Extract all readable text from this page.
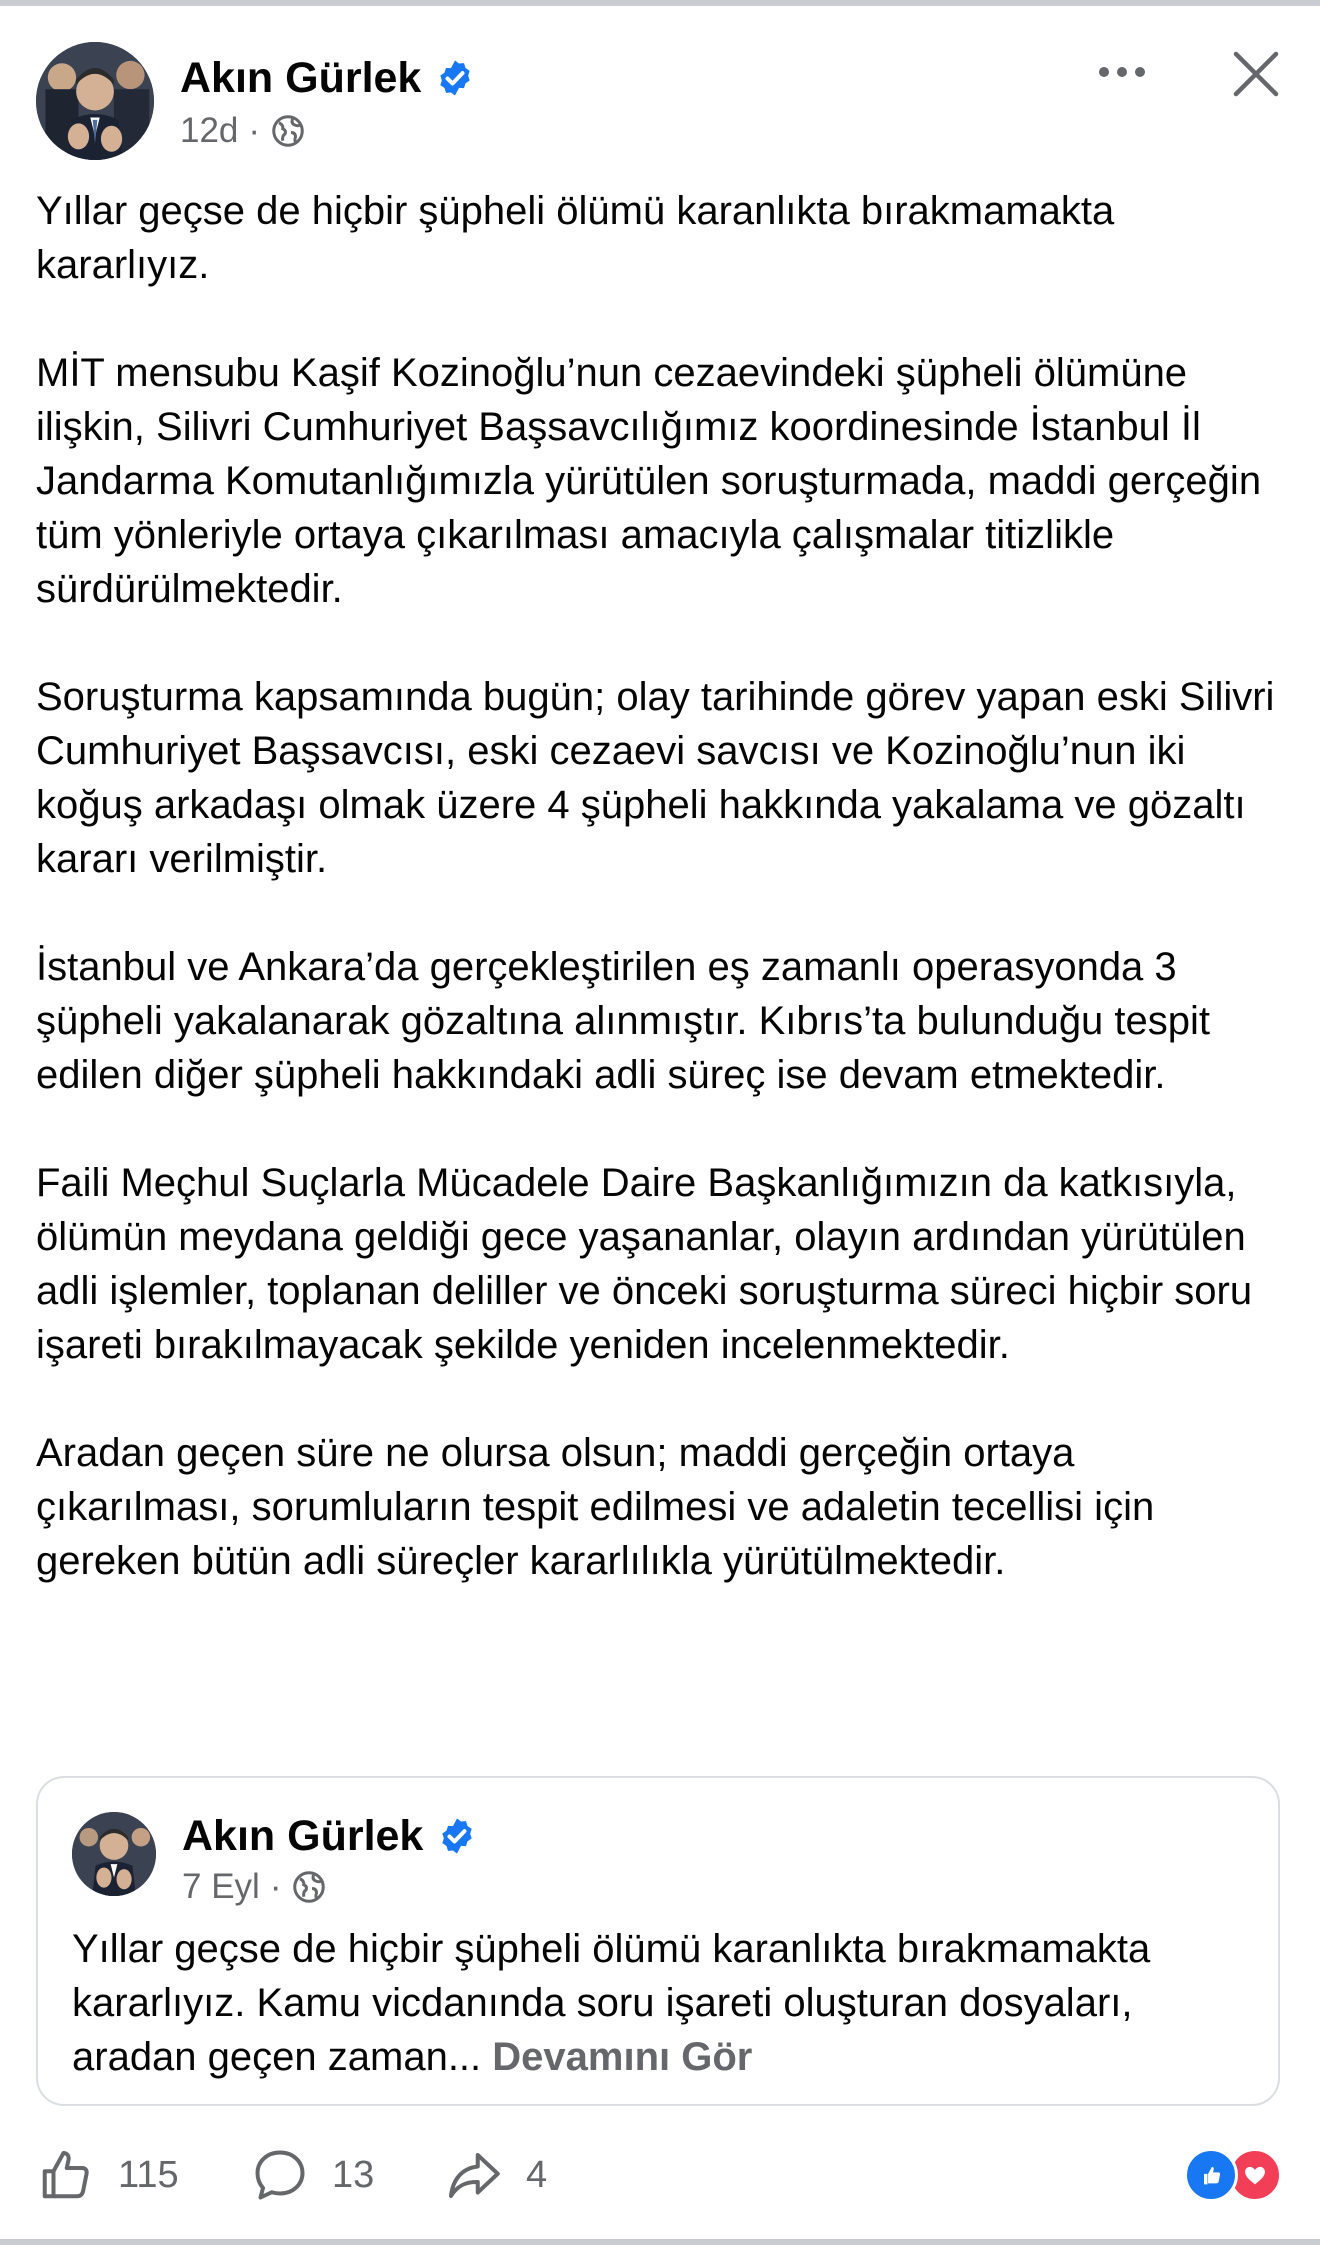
Akın Gürlek
12d ·

Yıllar geçse de hiçbir şüpheli ölümü karanlıkta bırakmamakta kararlıyız.

MİT mensubu Kaşif Kozinoğlu’nun cezaevindeki şüpheli ölümüne ilişkin, Silivri Cumhuriyet Başsavcılığımız koordinesinde İstanbul İl Jandarma Komutanlığımızla yürütülen soruşturmada, maddi gerçeğin tüm yönleriyle ortaya çıkarılması amacıyla çalışmalar titizlikle sürdürülmektedir.

Soruşturma kapsamında bugün; olay tarihinde görev yapan eski Silivri Cumhuriyet Başsavcısı, eski cezaevi savcısı ve Kozinoğlu’nun iki koğuş arkadaşı olmak üzere 4 şüpheli hakkında yakalama ve gözaltı kararı verilmiştir.

İstanbul ve Ankara’da gerçekleştirilen eş zamanlı operasyonda 3 şüpheli yakalanarak gözaltına alınmıştır. Kıbrıs’ta bulunduğu tespit edilen diğer şüpheli hakkındaki adli süreç ise devam etmektedir.

Faili Meçhul Suçlarla Mücadele Daire Başkanlığımızın da katkısıyla, ölümün meydana geldiği gece yaşananlar, olayın ardından yürütülen adli işlemler, toplanan deliller ve önceki soruşturma süreci hiçbir soru işareti bırakılmayacak şekilde yeniden incelenmektedir.

Aradan geçen süre ne olursa olsun; maddi gerçeğin ortaya çıkarılması, sorumluların tespit edilmesi ve adaletin tecellisi için gereken bütün adli süreçler kararlılıkla yürütülmektedir.

Akın Gürlek
7 Eyl ·
Yıllar geçse de hiçbir şüpheli ölümü karanlıkta bırakmamakta kararlıyız. Kamu vicdanında soru işareti oluşturan dosyaları, aradan geçen zaman... Devamını Gör
115	13	4
